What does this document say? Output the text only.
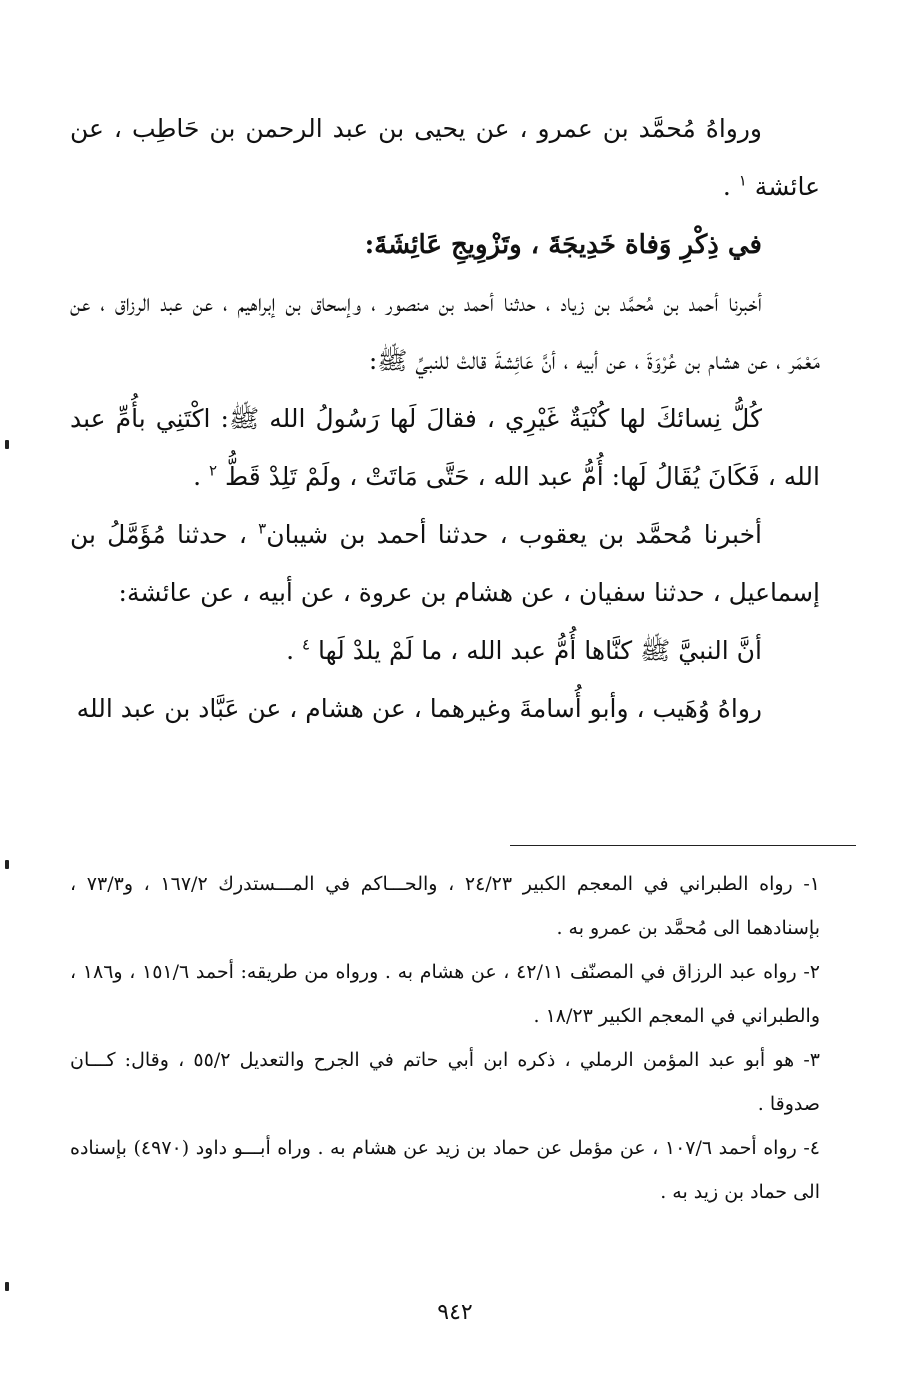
ورواهُ مُحمَّد بن عمرو ، عن يحيى بن عبد الرحمن بن حَاطِب ، عن عائشة $^١$ .

في ذِكْرِ وَفاة خَدِيجَةَ ، وتَزْوِيجِ عَائِشَةَ:

أخبرنا أحمد بن مُحمَّد بن زياد ، حدثنا أحمد بن منصور ، وإسحاق بن إبراهيم ، عن عبد الرزاق ، عن مَعْمَر ، عن هشام بن عُرْوَةَ ، عن أبيه ، أنَّ عَائِشةَ قالتْ للنبيِّ ﷺ:

كُلُّ نِسائكَ لها كُنْيَةٌ غَيْرِي ، فقالَ لَها رَسُولُ الله ﷺ: اكْتَنِي بأُمِّ عبد الله ، فَكَانَ يُقَالُ لَها: أُمُّ عبد الله ، حَتَّى مَاتَتْ ، ولَمْ تَلِدْ قَطُّ $^٢$ .

أخبرنا مُحمَّد بن يعقوب ، حدثنا أحمد بن شيبان$^٣$ ، حدثنا مُؤَمَّلُ بن إسماعيل ، حدثنا سفيان ، عن هشام بن عروة ، عن أبيه ، عن عائشة:

أنَّ النبيَّ ﷺ كنَّاها أُمُّ عبد الله ، ما لَمْ يلدْ لَها $^٤$ .

رواهُ وُهَيب ، وأبو أُسامةَ وغيرهما ، عن هشام ، عن عَبَّاد بن عبد الله

١- رواه الطبراني في المعجم الكبير ٢٤/٢٣ ، والحـــاكم في المـــستدرك ١٦٧/٢ ، و٧٣/٣ ، بإسنادهما الى مُحمَّد بن عمرو به .

٢- رواه عبد الرزاق في المصنّف ٤٢/١١ ، عن هشام به . ورواه من طريقه: أحمد ١٥١/٦ ، و١٨٦ ، والطبراني في المعجم الكبير ١٨/٢٣ .

٣- هو أبو عبد المؤمن الرملي ، ذكره ابن أبي حاتم في الجرح والتعديل ٥٥/٢ ، وقال: كـــان صدوقا .

٤- رواه أحمد ١٠٧/٦ ، عن مؤمل عن حماد بن زيد عن هشام به . وراه أبـــو داود (٤٩٧٠) بإسناده الى حماد بن زيد به .

٩٤٢
